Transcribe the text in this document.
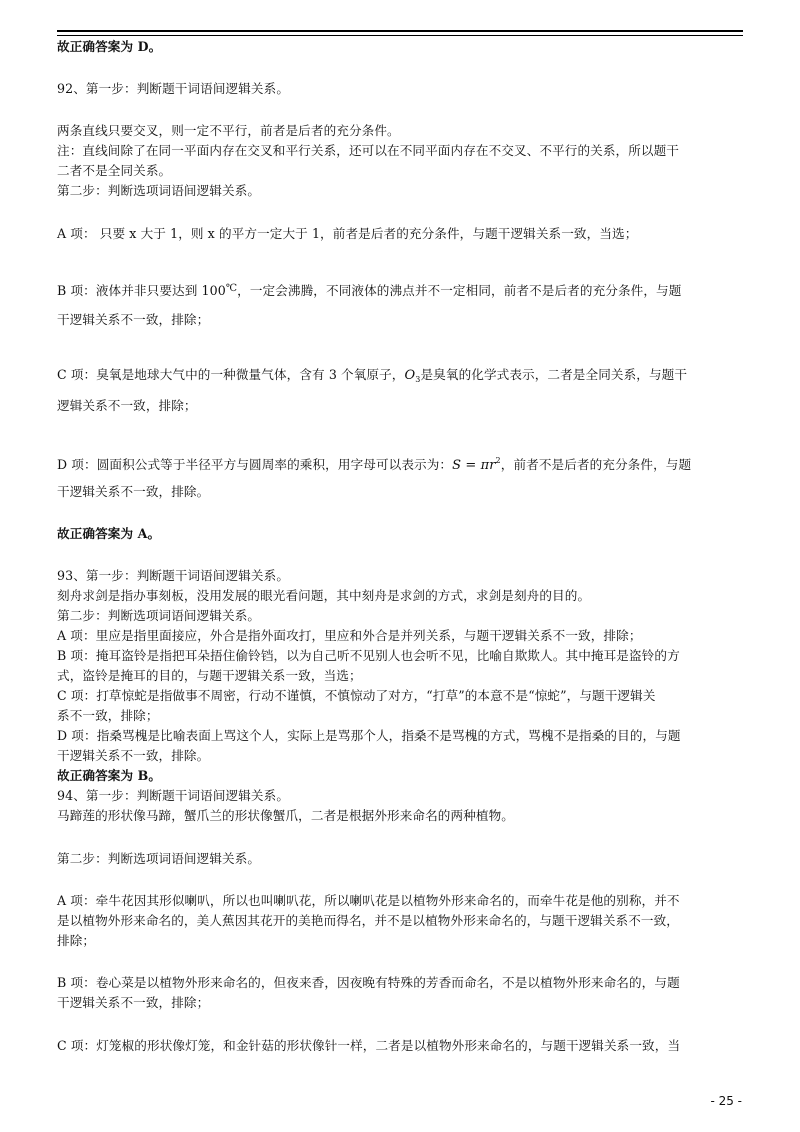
故正确答案为 D。
92、第一步：判断题干词语间逻辑关系。
两条直线只要交叉，则一定不平行，前者是后者的充分条件。
注：直线间除了在同一平面内存在交叉和平行关系，还可以在不同平面内存在不交叉、不平行的关系，所以题干
二者不是全同关系。
第二步：判断选项词语间逻辑关系。
A 项： 只要 x 大于 1，则 x 的平方一定大于 1，前者是后者的充分条件，与题干逻辑关系一致，当选；
干逻辑关系不一致，排除；
逻辑关系不一致，排除；
干逻辑关系不一致，排除。
故正确答案为 A。
93、第一步：判断题干词语间逻辑关系。
刻舟求剑是指办事刻板，没用发展的眼光看问题，其中刻舟是求剑的方式，求剑是刻舟的目的。
第二步：判断选项词语间逻辑关系。
A 项：里应是指里面接应，外合是指外面攻打，里应和外合是并列关系，与题干逻辑关系不一致，排除；
B 项：掩耳盗铃是指把耳朵捂住偷铃铛，以为自己听不见别人也会听不见，比喻自欺欺人。其中掩耳是盗铃的方
式，盗铃是掩耳的目的，与题干逻辑关系一致，当选；
C 项：打草惊蛇是指做事不周密，行动不谨慎，不慎惊动了对方，“打草”的本意不是“惊蛇”，与题干逻辑关
系不一致，排除；
D 项：指桑骂槐是比喻表面上骂这个人，实际上是骂那个人，指桑不是骂槐的方式，骂槐不是指桑的目的，与题
干逻辑关系不一致，排除。
故正确答案为 B。
94、第一步：判断题干词语间逻辑关系。
马蹄莲的形状像马蹄，蟹爪兰的形状像蟹爪，二者是根据外形来命名的两种植物。
第二步：判断选项词语间逻辑关系。
A 项：牵牛花因其形似喇叭，所以也叫喇叭花，所以喇叭花是以植物外形来命名的，而牵牛花是他的别称，并不
是以植物外形来命名的，美人蕉因其花开的美艳而得名，并不是以植物外形来命名的，与题干逻辑关系不一致，
排除；
B 项：卷心菜是以植物外形来命名的，但夜来香，因夜晚有特殊的芳香而命名，不是以植物外形来命名的，与题
干逻辑关系不一致，排除；
C 项：灯笼椒的形状像灯笼，和金针菇的形状像针一样，二者是以植物外形来命名的，与题干逻辑关系一致，当
B 项：液体并非只要达到 100℃，一定会沸腾，不同液体的沸点并不一定相同，前者不是后者的充分条件，与题
C 项：臭氧是地球大气中的一种微量气体，含有 3 个氧原子，$O_3$是臭氧的化学式表示，二者是全同关系，与题干
D 项：圆面积公式等于半径平方与圆周率的乘积，用字母可以表示为：$S = \pi r^2$，前者不是后者的充分条件，与题
- 25 -
